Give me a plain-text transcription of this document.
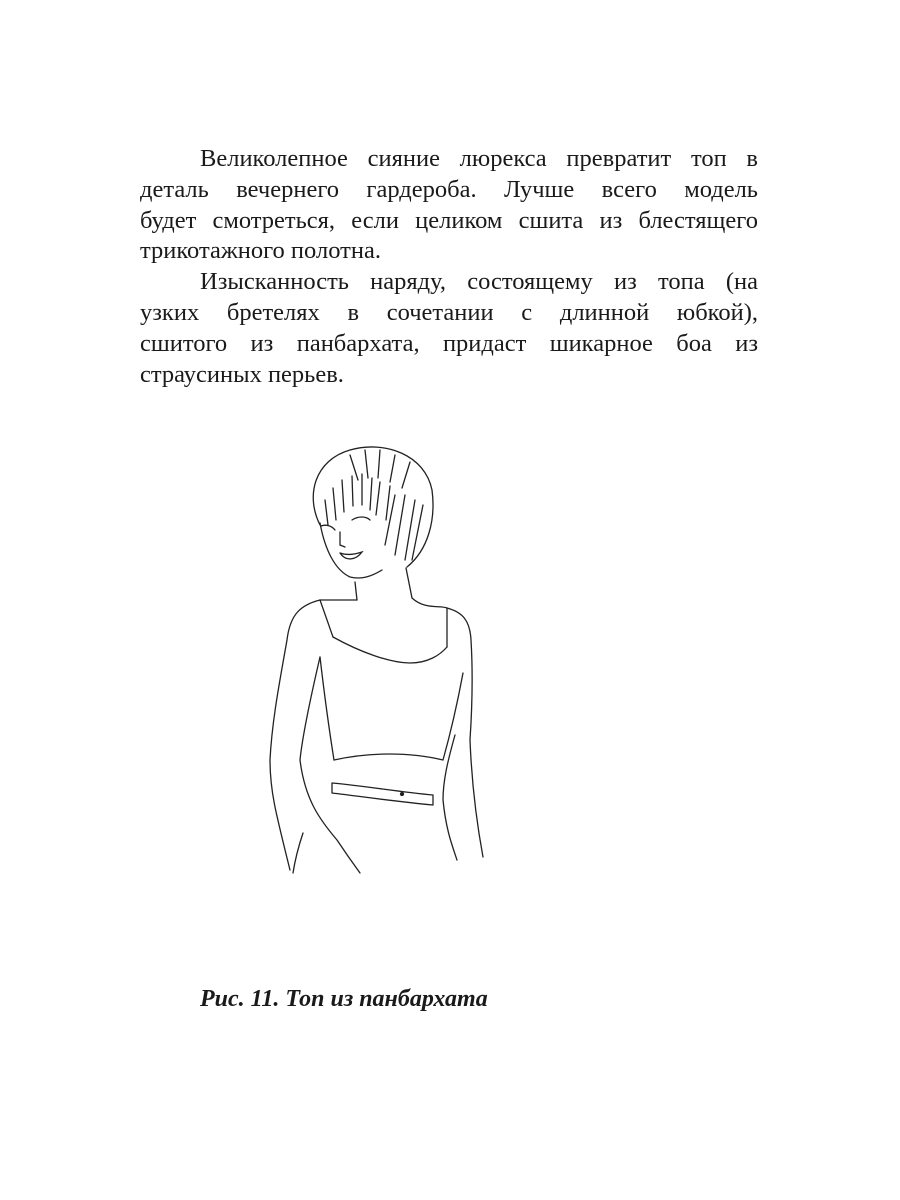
Великолепное сияние люрекса превратит топ в
деталь вечернего гардероба. Лучше всего модель
будет смотреться, если целиком сшита из блестящего
трикотажного полотна.
Изысканность наряду, состоящему из топа (на
узких бретелях в сочетании с длинной юбкой),
сшитого из панбархата, придаст шикарное боа из
страусиных перьев.
Рис. 11. Топ из панбархата
